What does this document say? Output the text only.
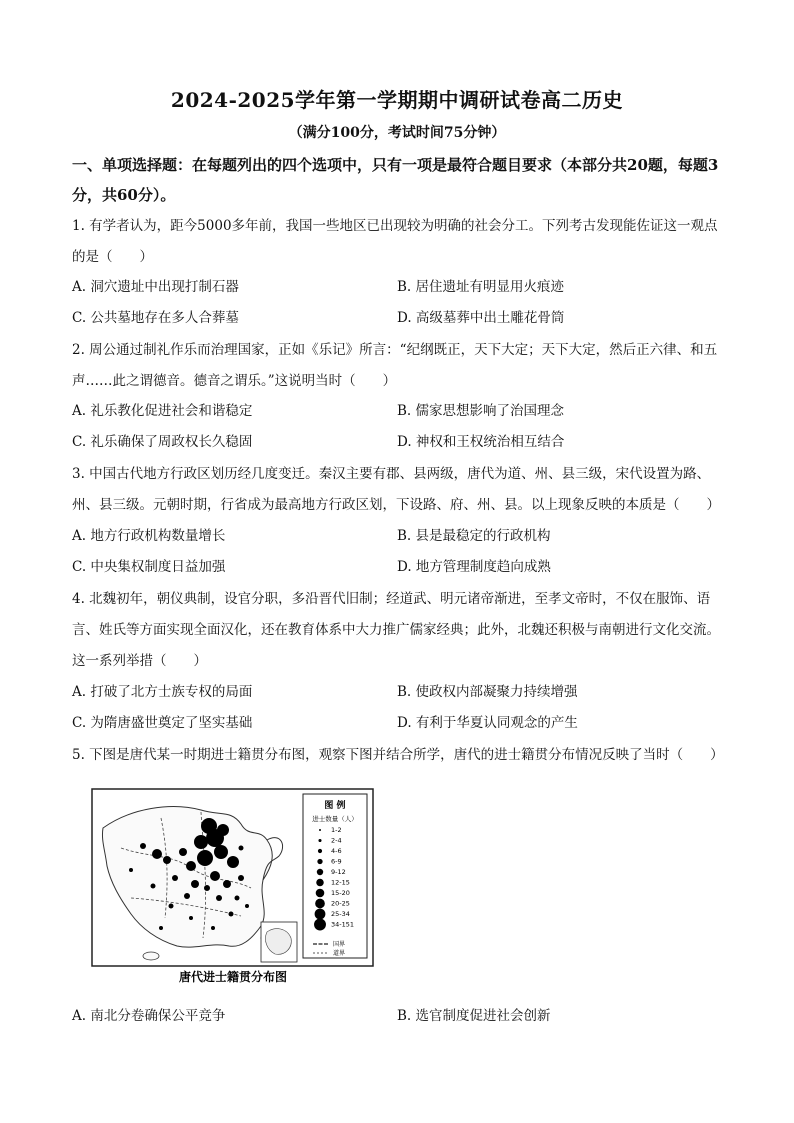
2024-2025学年第一学期期中调研试卷高二历史
（满分100分，考试时间75分钟）
一、单项选择题：在每题列出的四个选项中，只有一项是最符合题目要求（本部分共20题，每题3分，共60分）。
1. 有学者认为，距今5000多年前，我国一些地区已出现较为明确的社会分工。下列考古发现能佐证这一观点的是（　　）
A. 洞穴遗址中出现打制石器	B. 居住遗址有明显用火痕迹
C. 公共墓地存在多人合葬墓	D. 高级墓葬中出土雕花骨筒
2. 周公通过制礼作乐而治理国家，正如《乐记》所言：“纪纲既正，天下大定；天下大定，然后正六律、和五声……此之谓德音。德音之谓乐。”这说明当时（　　）
A. 礼乐教化促进社会和谐稳定	B. 儒家思想影响了治国理念
C. 礼乐确保了周政权长久稳固	D. 神权和王权统治相互结合
3. 中国古代地方行政区划历经几度变迁。秦汉主要有郡、县两级，唐代为道、州、县三级，宋代设置为路、州、县三级。元朝时期，行省成为最高地方行政区划，下设路、府、州、县。以上现象反映的本质是（　　）
A. 地方行政机构数量增长	B. 县是最稳定的行政机构
C. 中央集权制度日益加强	D. 地方管理制度趋向成熟
4. 北魏初年，朝仪典制，设官分职，多沿晋代旧制；经道武、明元诸帝渐进，至孝文帝时，不仅在服饰、语言、姓氏等方面实现全面汉化，还在教育体系中大力推广儒家经典；此外，北魏还积极与南朝进行文化交流。这一系列举措（　　）
A. 打破了北方士族专权的局面	B. 使政权内部凝聚力持续增强
C. 为隋唐盛世奠定了坚实基础	D. 有利于华夏认同观念的产生
5. 下图是唐代某一时期进士籍贯分布图，观察下图并结合所学，唐代的进士籍贯分布情况反映了当时（　　）
图 例
进士数量（人）
1-2
2-4
4-6
6-9
9-12
12-15
15-20
20-25
25-34
34-151
国界
道界
唐代进士籍贯分布图
A. 南北分卷确保公平竞争	B. 选官制度促进社会创新
